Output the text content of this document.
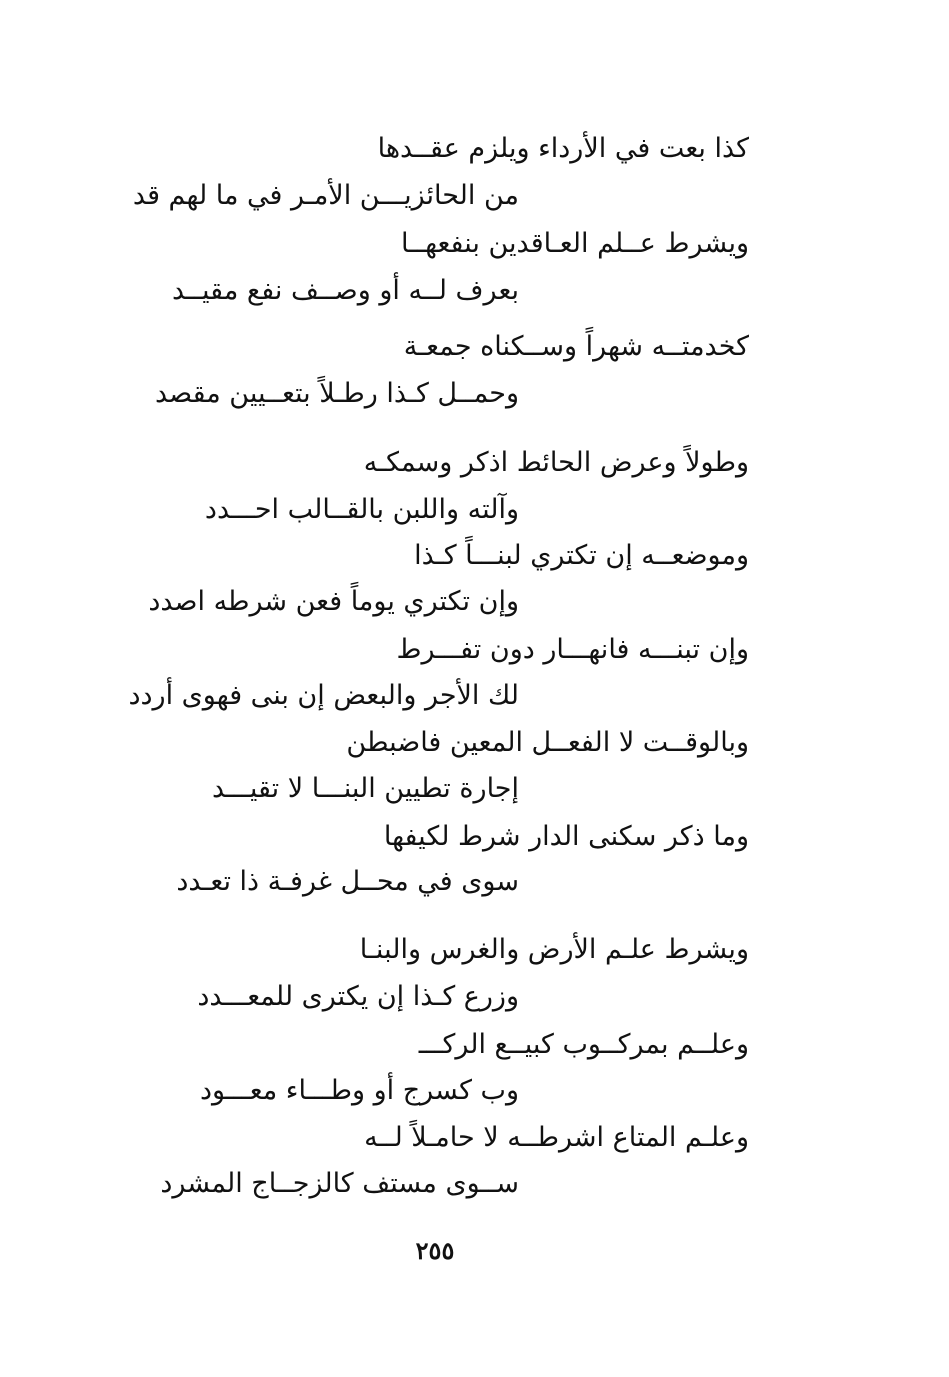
كذا بعت في الأرداء ويلزم عقــدها
من الحائزيـــن الأمـر في ما لهم قد
ويشرط عــلم العـاقدين بنفعهــا
بعرف لــه أو وصــف نفع مقيــد
كخدمتــه شهراً وســكناه جمعـة
وحمــل كـذا رطـلاً بتعــيين مقصد
وطولاً وعرض الحائط اذكر وسمكـه
وآلته واللبن بالقــالب احـــدد
وموضعــه إن تكتري لبنـــاً كـذا
وإن تكتري يوماً فعن شرطه اصدد
وإن تبنـــه فانهـــار دون تفـــرط
لك الأجر والبعض إن بنى فهوى أردد
وبالوقــت لا الفعــل المعين فاضبطن
إجارة تطيين البنـــا لا تقيـــد
وما ذكر سكنى الدار شرط لكيفها
سوى في محــل غرفـة ذا تعـدد
ويشرط علـم الأرض والغرس والبنـا
وزرع كـذا إن يكترى للمعـــدد
وعلــم بمركــوب كبيــع الركـــ
وب كسرج أو وطـــاء معـــود
وعلـم المتاع اشرطــه لا حامـلاً لــه
ســوى مستف كالزجــاج المشرد
٢٥٥
